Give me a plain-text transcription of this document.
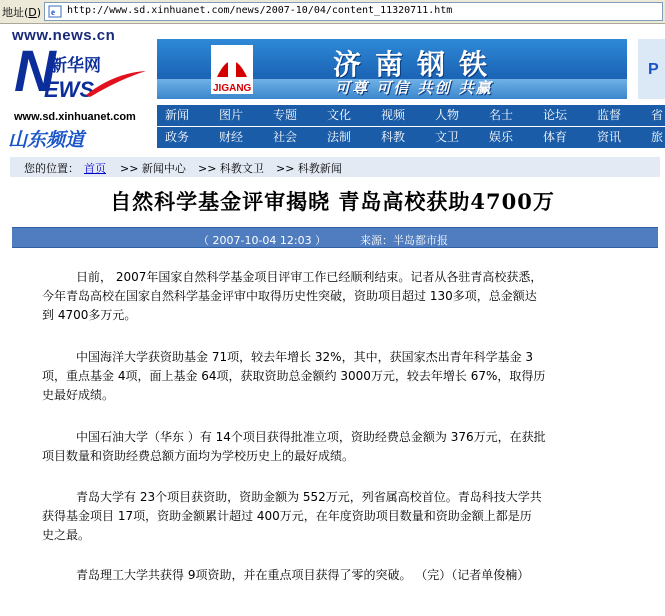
地址(D) e http://www.sd.xinhuanet.com/news/2007-10/04/content_11320711.htm
www.news.cn
N
新华网
EWS
www.sd.xinhuanet.com
山东频道
JIGANG
济南钢铁
可尊 可信 共创 共赢
P
新闻 图片 专题 文化 视频 人物 名士 论坛 监督 省
政务 财经 社会 法制 科教 文卫 娱乐 体育 资讯 旅
您的位置： 首页 >> 新闻中心 >> 科教文卫 >> 科教新闻
自然科学基金评审揭晓 青岛高校获助4700万
（ 2007-10-04 12:03 ）	来源：半岛都市报
日前， 2007年国家自然科学基金项目评审工作已经顺利结束。记者从各驻青高校获悉，
今年青岛高校在国家自然科学基金评审中取得历史性突破，资助项目超过 130多项，总金额达
到 4700多万元。
中国海洋大学获资助基金 71项，较去年增长 32%，其中，获国家杰出青年科学基金 3
项，重点基金 4项，面上基金 64项，获取资助总金额约 3000万元，较去年增长 67%，取得历
史最好成绩。
中国石油大学（华东 ）有 14个项目获得批准立项，资助经费总金额为 376万元，在获批
项目数量和资助经费总额方面均为学校历史上的最好成绩。
青岛大学有 23个项目获资助，资助金额为 552万元，列省属高校首位。青岛科技大学共
获得基金项目 17项，资助金额累计超过 400万元，在年度资助项目数量和资助金额上都是历
史之最。
青岛理工大学共获得 9项资助，并在重点项目获得了零的突破。 （完）（记者单俊楠）
